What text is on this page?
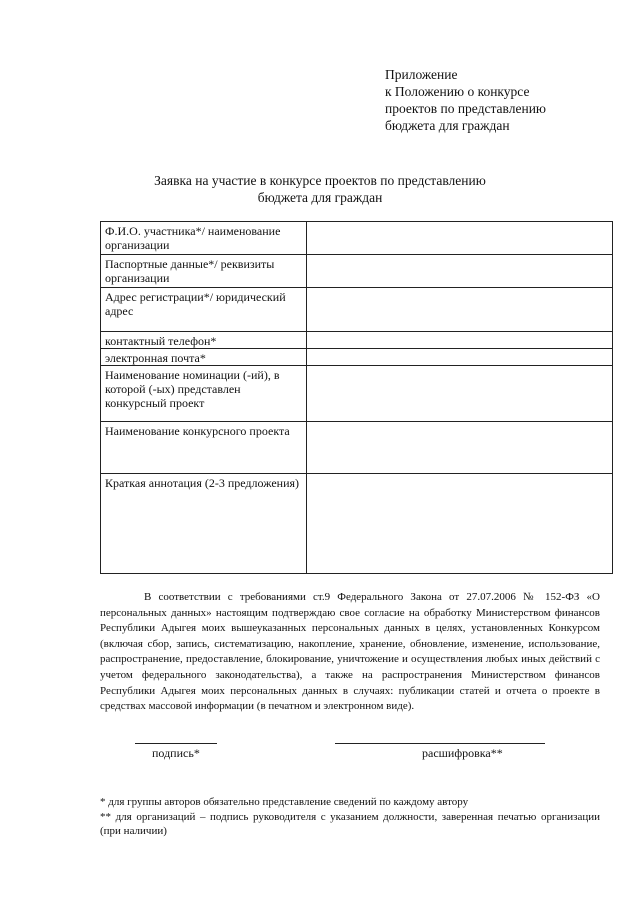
Приложение
к Положению о конкурсе
проектов по представлению
бюджета для граждан
Заявка на участие в конкурсе проектов по представлению
бюджета для граждан
Ф.И.О. участника*/ наименование организации	
Паспортные данные*/ реквизиты организации	
Адрес регистрации*/ юридический адрес	
контактный телефон*	
электронная почта*	
Наименование номинации (-ий), в которой (-ых) представлен конкурсный проект	
Наименование конкурсного проекта	
Краткая аннотация (2-3 предложения)	

В соответствии с требованиями ст.9 Федерального Закона от 27.07.2006 № 152-ФЗ «О персональных данных» настоящим подтверждаю свое согласие на обработку Министерством финансов Республики Адыгея моих вышеуказанных персональных данных в целях, установленных Конкурсом (включая сбор, запись, систематизацию, накопление, хранение, обновление, изменение, использование, распространение, предоставление, блокирование, уничтожение и осуществления любых иных действий с учетом федерального законодательства), а также на распространения Министерством финансов Республики Адыгея моих персональных данных в случаях: публикации статей и отчета о проекте в средствах массовой информации (в печатном и электронном виде).

подпись*	расшифровка**

* для группы авторов обязательно представление сведений по каждому автору

** для организаций – подпись руководителя с указанием должности, заверенная печатью организации (при наличии)
